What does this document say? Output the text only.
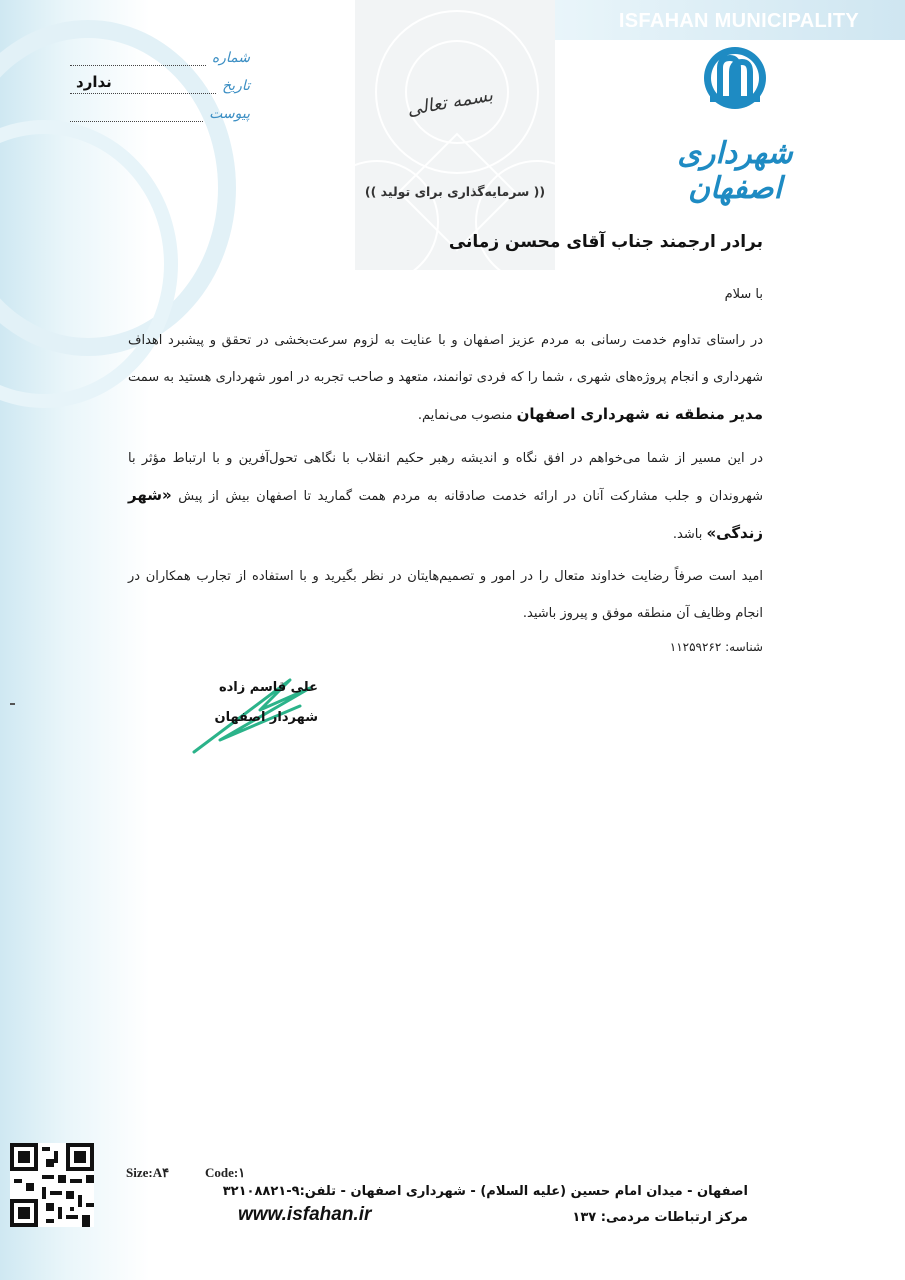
ISFAHAN MUNICIPALITY
شماره
تاریخ
ندارد
پیوست
شهرداری اصفهان
بسمه تعالی
(( سرمایه‌گذاری برای تولید ))
برادر ارجمند جناب آقای محسن زمانی
با سلام
در راستای تداوم خدمت رسانی به مردم عزیز اصفهان و با عنایت به لزوم سرعت‌بخشی در تحقق و پیشبرد اهداف شهرداری و انجام پروژه‌های شهری ، شما را که فردی توانمند، متعهد و صاحب تجربه در امور شهرداری هستید به سمت مدیر منطقه نه شهرداری اصفهان منصوب می‌نمایم.
در این مسیر از شما می‌خواهم در افق نگاه و اندیشه رهبر حکیم انقلاب با نگاهی تحول‌آفرین و با ارتباط مؤثر با شهروندان و جلب مشارکت آنان در ارائه خدمت صادقانه به مردم همت گمارید تا اصفهان بیش از پیش «شهر زندگی» باشد.
امید است صرفاً رضایت خداوند متعال را در امور و تصمیم‌هایتان در نظر بگیرید و با استفاده از تجارب همکاران در انجام وظایف آن منطقه موفق و پیروز باشید.
شناسه: ۱۱۲۵۹۲۶۲
علی قاسم زاده
شهردار اصفهان
Size:A۴	Code:۱
اصفهان - میدان امام حسین (علیه السلام) - شهرداری اصفهان - تلفن:۹-۳۲۱۰۸۸۲۱
www.isfahan.ir	مرکز ارتباطات مردمی: ۱۳۷
